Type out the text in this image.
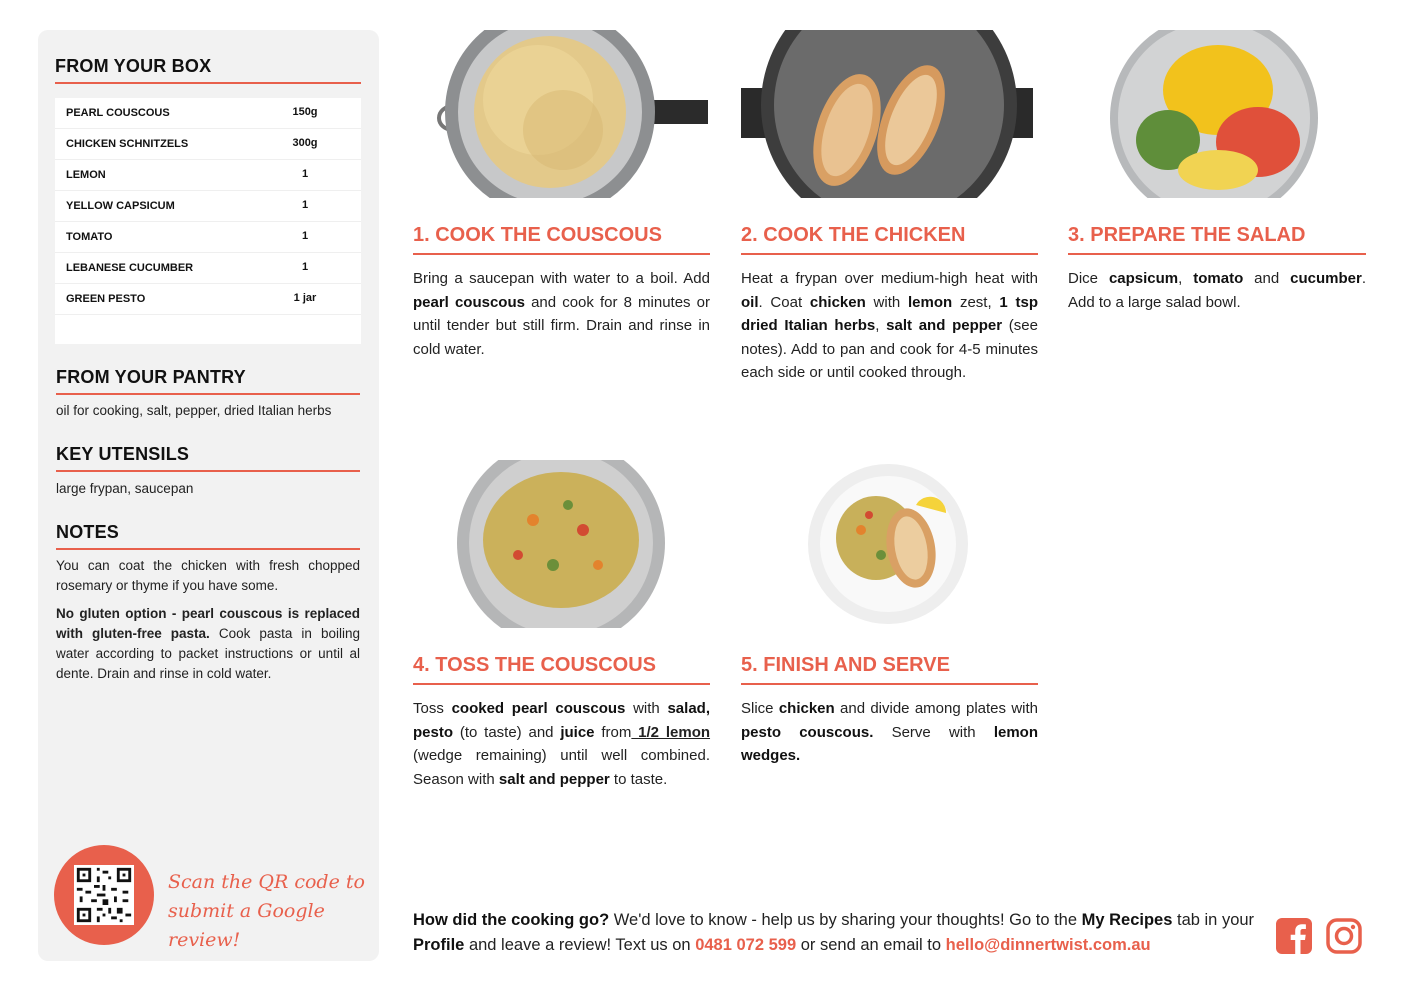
FROM YOUR BOX
PEARL COUSCOUS	150g
CHICKEN SCHNITZELS	300g
LEMON	1
YELLOW CAPSICUM	1
TOMATO	1
LEBANESE CUCUMBER	1
GREEN PESTO	1 jar
FROM YOUR PANTRY
oil for cooking, salt, pepper, dried Italian herbs
KEY UTENSILS
large frypan, saucepan
NOTES
You can coat the chicken with fresh chopped rosemary or thyme if you have some.
No gluten option - pearl couscous is replaced with gluten-free pasta. Cook pasta in boiling water according to packet instructions or until al dente. Drain and rinse in cold water.
Scan the QR code to
submit a Google review!
1. COOK THE COUSCOUS
Bring a saucepan with water to a boil. Add pearl couscous and cook for 8 minutes or until tender but still firm. Drain and rinse in cold water.
2. COOK THE CHICKEN
Heat a frypan over medium-high heat with oil. Coat chicken with lemon zest, 1 tsp dried Italian herbs, salt and pepper (see notes). Add to pan and cook for 4-5 minutes each side or until cooked through.
3. PREPARE THE SALAD
Dice capsicum, tomato and cucumber. Add to a large salad bowl.
4. TOSS THE COUSCOUS
Toss cooked pearl couscous with salad, pesto (to taste) and juice from 1/2 lemon (wedge remaining) until well combined. Season with salt and pepper to taste.
5. FINISH AND SERVE
Slice chicken and divide among plates with pesto couscous. Serve with lemon wedges.
How did the cooking go? We'd love to know - help us by sharing your thoughts! Go to the My Recipes tab in your Profile and leave a review! Text us on 0481 072 599 or send an email to hello@dinnertwist.com.au
